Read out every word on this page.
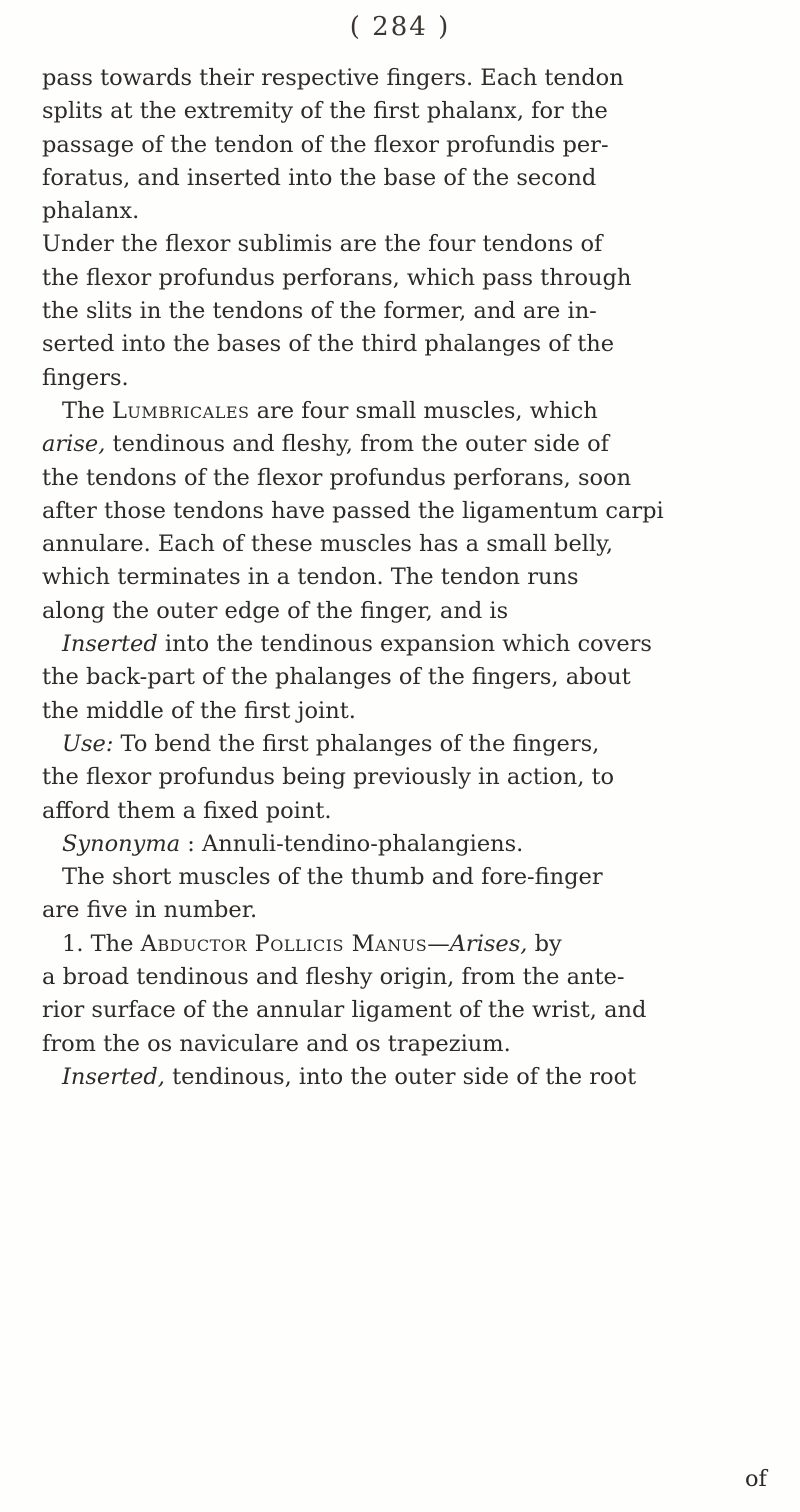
( 284 )
pass towards their respective fingers. Each tendon
splits at the extremity of the first phalanx, for the
passage of the tendon of the flexor profundis per-
foratus, and inserted into the base of the second
phalanx.
Under the flexor sublimis are the four tendons of
the flexor profundus perforans, which pass through
the slits in the tendons of the former, and are in-
serted into the bases of the third phalanges of the
fingers.
The Lumbricales are four small muscles, which
arise, tendinous and fleshy, from the outer side of
the tendons of the flexor profundus perforans, soon
after those tendons have passed the ligamentum carpi
annulare. Each of these muscles has a small belly,
which terminates in a tendon. The tendon runs
along the outer edge of the finger, and is
Inserted into the tendinous expansion which covers
the back-part of the phalanges of the fingers, about
the middle of the first joint.
Use: To bend the first phalanges of the fingers,
the flexor profundus being previously in action, to
afford them a fixed point.
Synonyma : Annuli-tendino-phalangiens.
The short muscles of the thumb and fore-finger
are five in number.
1. The Abductor Pollicis Manus—Arises, by
a broad tendinous and fleshy origin, from the ante-
rior surface of the annular ligament of the wrist, and
from the os naviculare and os trapezium.
Inserted, tendinous, into the outer side of the root
of
